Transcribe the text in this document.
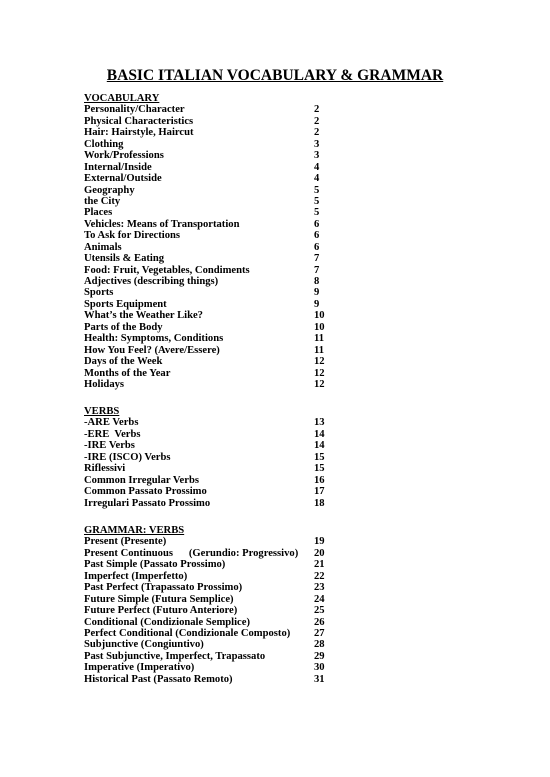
BASIC ITALIAN VOCABULARY & GRAMMAR
VOCABULARY
Personality/Character	2
Physical Characteristics	2
Hair: Hairstyle, Haircut	2
Clothing	3
Work/Professions	3
Internal/Inside	4
External/Outside	4
Geography	5
the City	5
Places	5
Vehicles: Means of Transportation	6
To Ask for Directions	6
Animals	6
Utensils & Eating	7
Food: Fruit, Vegetables, Condiments	7
Adjectives (describing things)	8
Sports	9
Sports Equipment	9
What’s the Weather Like?	10
Parts of the Body	10
Health: Symptoms, Conditions	11
How You Feel? (Avere/Essere)	11
Days of the Week	12
Months of the Year	12
Holidays	12
VERBS
-ARE Verbs	13
-ERE  Verbs	14
-IRE Verbs	14
-IRE (ISCO) Verbs	15
Riflessivi	15
Common Irregular Verbs	16
Common Passato Prossimo	17
Irregulari Passato Prossimo	18
GRAMMAR: VERBS
Present (Presente)	19
Present Continuous      (Gerundio: Progressivo)	20
Past Simple (Passato Prossimo)	21
Imperfect (Imperfetto)	22
Past Perfect (Trapassato Prossimo)	23
Future Simple (Futura Semplice)	24
Future Perfect (Futuro Anteriore)	25
Conditional (Condizionale Semplice)	26
Perfect Conditional (Condizionale Composto)	27
Subjunctive (Congiuntivo)	28
Past Subjunctive, Imperfect, Trapassato	29
Imperative (Imperativo)	30
Historical Past (Passato Remoto)	31
